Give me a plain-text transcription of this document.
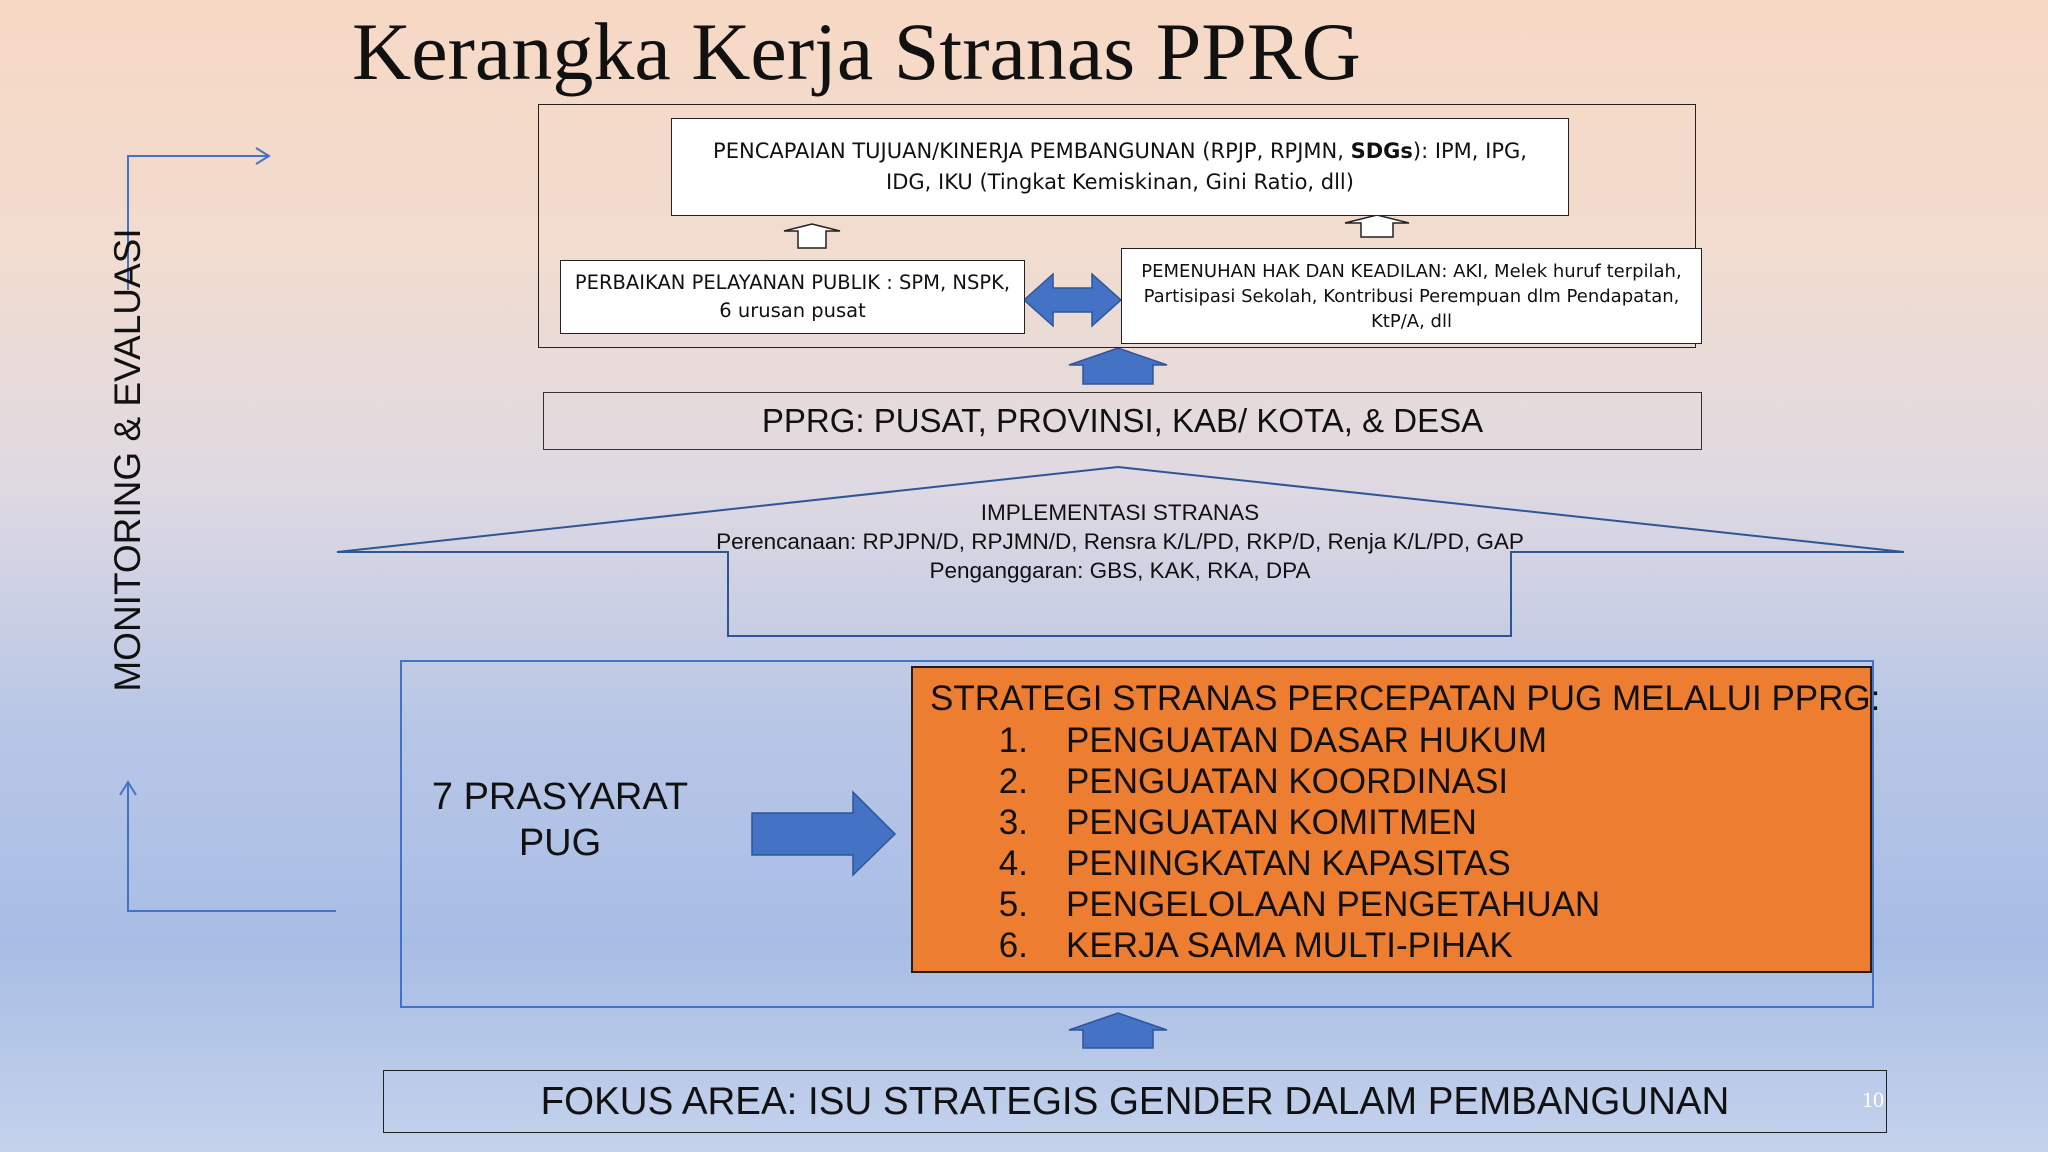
Kerangka Kerja Stranas PPRG
PENCAPAIAN TUJUAN/KINERJA PEMBANGUNAN (RPJP, RPJMN, SDGs): IPM, IPG,
IDG, IKU (Tingkat Kemiskinan, Gini Ratio, dll)
PERBAIKAN PELAYANAN PUBLIK : SPM, NSPK,
6 urusan pusat
PEMENUHAN HAK DAN KEADILAN: AKI, Melek huruf terpilah,
Partisipasi Sekolah, Kontribusi Perempuan dlm Pendapatan,
KtP/A, dll
PPRG: PUSAT, PROVINSI, KAB/ KOTA, & DESA
IMPLEMENTASI STRANAS
Perencanaan: RPJPN/D, RPJMN/D, Rensra K/L/PD, RKP/D, Renja K/L/PD, GAP
Penganggaran: GBS, KAK, RKA, DPA
7 PRASYARAT
PUG
STRATEGI STRANAS PERCEPATAN PUG MELALUI PPRG:
1.	PENGUATAN DASAR HUKUM
2.	PENGUATAN KOORDINASI
3.	PENGUATAN KOMITMEN
4.	PENINGKATAN KAPASITAS
5.	PENGELOLAAN PENGETAHUAN
6.	KERJA SAMA MULTI-PIHAK
FOKUS AREA: ISU STRATEGIS GENDER DALAM PEMBANGUNAN
MONITORING & EVALUASI
10
